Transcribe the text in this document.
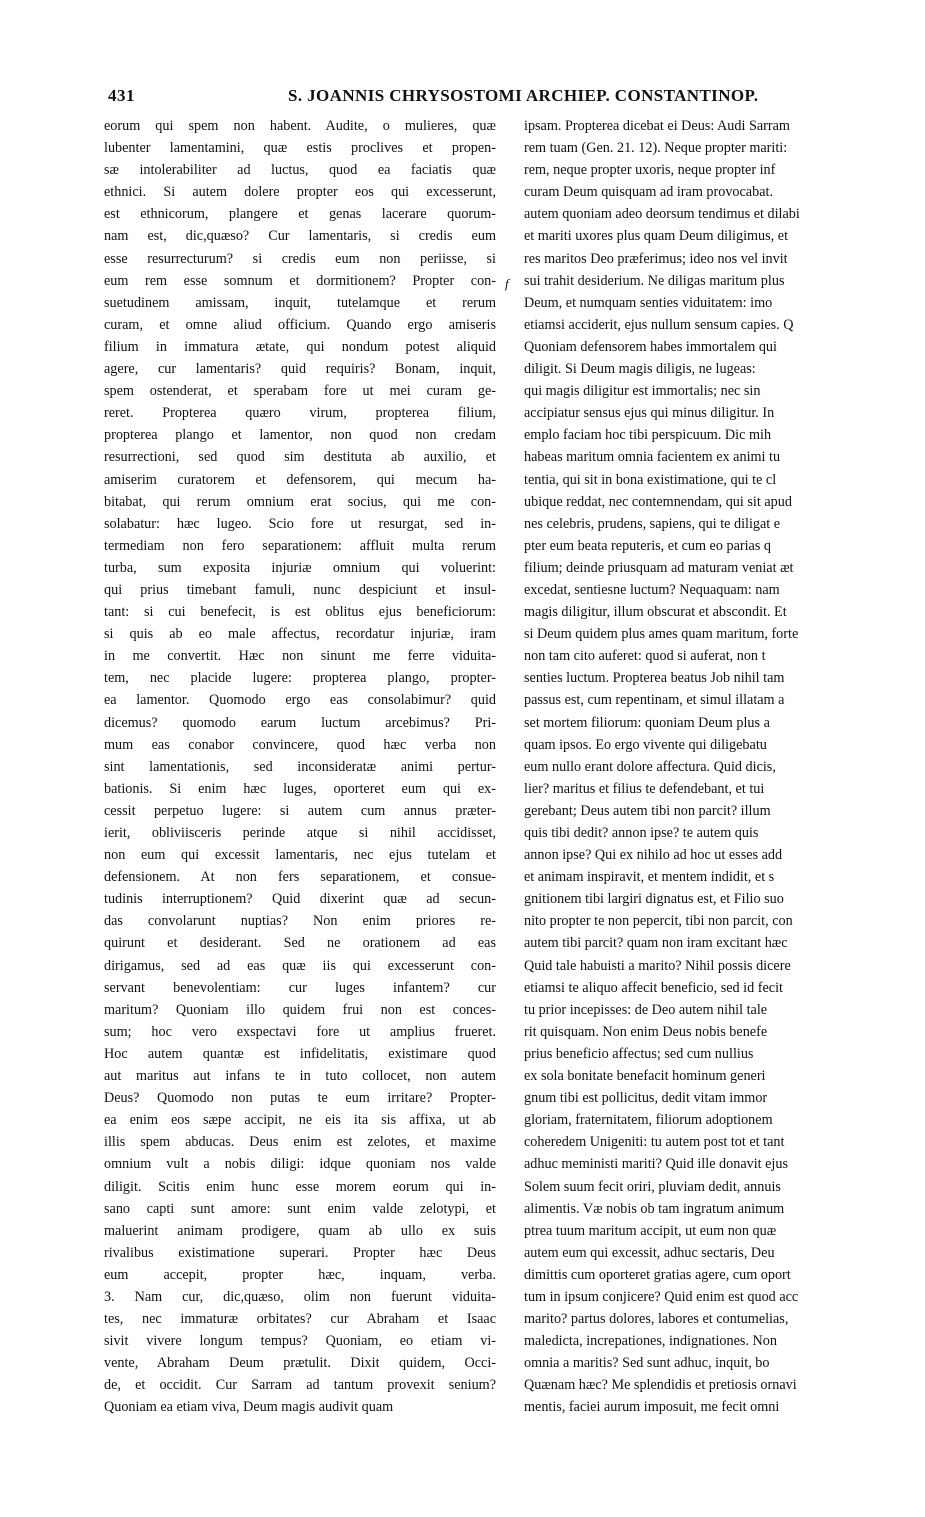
431	S. JOANNIS CHRYSOSTOMI ARCHIEP. CONSTANTINOP.
eorum qui spem non habent. Audite, o mulieres, quæ
lubenter lamentamini, quæ estis proclives et propen-
sæ intolerabiliter ad luctus, quod ea faciatis quæ
ethnici. Si autem dolere propter eos qui excesserunt,
est ethnicorum, plangere et genas lacerare quorum-
nam est, dic,quæso? Cur lamentaris, si credis eum
esse resurrecturum? si credis eum non periisse, si
eum rem esse somnum et dormitionem? Propter con-
suetudinem amissam, inquit, tutelamque et rerum
curam, et omne aliud officium. Quando ergo amiseris
filium in immatura ætate, qui nondum potest aliquid
agere, cur lamentaris? quid requiris? Bonam, inquit,
spem ostenderat, et sperabam fore ut mei curam ge-
reret. Propterea quæro virum, propterea filium,
propterea plango et lamentor, non quod non credam
resurrectioni, sed quod sim destituta ab auxilio, et
amiserim curatorem et defensorem, qui mecum ha-
bitabat, qui rerum omnium erat socius, qui me con-
solabatur: hæc lugeo. Scio fore ut resurgat, sed in-
termediam non fero separationem: affluit multa rerum
turba, sum exposita injuriæ omnium qui voluerint:
qui prius timebant famuli, nunc despiciunt et insul-
tant: si cui benefecit, is est oblitus ejus beneficiorum:
si quis ab eo male affectus, recordatur injuriæ, iram
in me convertit. Hæc non sinunt me ferre viduita-
tem, nec placide lugere: propterea plango, propter-
ea lamentor. Quomodo ergo eas consolabimur? quid
dicemus? quomodo earum luctum arcebimus? Pri-
mum eas conabor convincere, quod hæc verba non
sint lamentationis, sed inconsideratæ animi pertur-
bationis. Si enim hæc luges, oporteret eum qui ex-
cessit perpetuo lugere: si autem cum annus præter-
ierit, obliviisceris perinde atque si nihil accidisset,
non eum qui excessit lamentaris, nec ejus tutelam et
defensionem. At non fers separationem, et consue-
tudinis interruptionem? Quid dixerint quæ ad secun-
das convolarunt nuptias? Non enim priores re-
quirunt et desiderant. Sed ne orationem ad eas
dirigamus, sed ad eas quæ iis qui excesserunt con-
servant benevolentiam: cur luges infantem? cur
maritum? Quoniam illo quidem frui non est conces-
sum; hoc vero exspectavi fore ut amplius frueret.
Hoc autem quantæ est infidelitatis, existimare quod
aut maritus aut infans te in tuto collocet, non autem
Deus? Quomodo non putas te eum irritare? Propter-
ea enim eos sæpe accipit, ne eis ita sis affixa, ut ab
illis spem abducas. Deus enim est zelotes, et maxime
omnium vult a nobis diligi: idque quoniam nos valde
diligit. Scitis enim hunc esse morem eorum qui in-
sano capti sunt amore: sunt enim valde zelotypi, et
maluerint animam prodigere, quam ab ullo ex suis
rivalibus existimatione superari. Propter hæc Deus
eum accepit, propter hæc, inquam, verba.
3. Nam cur, dic,quæso, olim non fuerunt viduita-
tes, nec immaturæ orbitates? cur Abraham et Isaac
sivit vivere longum tempus? Quoniam, eo etiam vi-
vente, Abraham Deum prætulit. Dixit quidem, Occi-
de, et occidit. Cur Sarram ad tantum provexit senium?
Quoniam ea etiam viva, Deum magis audivit quam
f
ipsam. Propterea dicebat ei Deus: Audi Sarram
rem tuam (Gen. 21. 12). Neque propter mariti:
rem, neque propter uxoris, neque propter inf
curam Deum quisquam ad iram provocabat.
autem quoniam adeo deorsum tendimus et dilabi
et mariti uxores plus quam Deum diligimus, et
res maritos Deo præferimus; ideo nos vel invit
sui trahit desiderium. Ne diligas maritum plus
Deum, et numquam senties viduitatem: imo
etiamsi acciderit, ejus nullum sensum capies. Q
Quoniam defensorem habes immortalem qui
diligit. Si Deum magis diligis, ne lugeas:
qui magis diligitur est immortalis; nec sin
accipiatur sensus ejus qui minus diligitur. In
emplo faciam hoc tibi perspicuum. Dic mih
habeas maritum omnia facientem ex animi tu
tentia, qui sit in bona existimatione, qui te cl
ubique reddat, nec contemnendam, qui sit apud
nes celebris, prudens, sapiens, qui te diligat e
pter eum beata reputeris, et cum eo parias q
filium; deinde priusquam ad maturam veniat æt
excedat, sentiesne luctum? Nequaquam: nam
magis diligitur, illum obscurat et abscondit. Et
si Deum quidem plus ames quam maritum, forte
non tam cito auferet: quod si auferat, non t
senties luctum. Propterea beatus Job nihil tam
passus est, cum repentinam, et simul illatam a
set mortem filiorum: quoniam Deum plus a
quam ipsos. Eo ergo vivente qui diligebatu
eum nullo erant dolore affectura. Quid dicis,
lier? maritus et filius te defendebant, et tui
gerebant; Deus autem tibi non parcit? illum
quis tibi dedit? annon ipse? te autem quis
annon ipse? Qui ex nihilo ad hoc ut esses add
et animam inspiravit, et mentem indidit, et s
gnitionem tibi largiri dignatus est, et Filio suo
nito propter te non pepercit, tibi non parcit, con
autem tibi parcit? quam non iram excitant hæc
Quid tale habuisti a marito? Nihil possis dicere
etiamsi te aliquo affecit beneficio, sed id fecit
tu prior incepisses: de Deo autem nihil tale
rit quisquam. Non enim Deus nobis benefe
prius beneficio affectus; sed cum nullius
ex sola bonitate benefacit hominum generi
gnum tibi est pollicitus, dedit vitam immor
gloriam, fraternitatem, filiorum adoptionem
coheredem Unigeniti: tu autem post tot et tant
adhuc meministi mariti? Quid ille donavit ejus
Solem suum fecit oriri, pluviam dedit, annuis
alimentis. Væ nobis ob tam ingratum animum
ptrea tuum maritum accipit, ut eum non quæ
autem eum qui excessit, adhuc sectaris, Deu
dimittis cum oporteret gratias agere, cum oport
tum in ipsum conjicere? Quid enim est quod acc
marito? partus dolores, labores et contumelias,
maledicta, increpationes, indignationes. Non
omnia a maritis? Sed sunt adhuc, inquit, bo
Quænam hæc? Me splendidis et pretiosis ornavi
mentis, faciei aurum imposuit, me fecit omni
